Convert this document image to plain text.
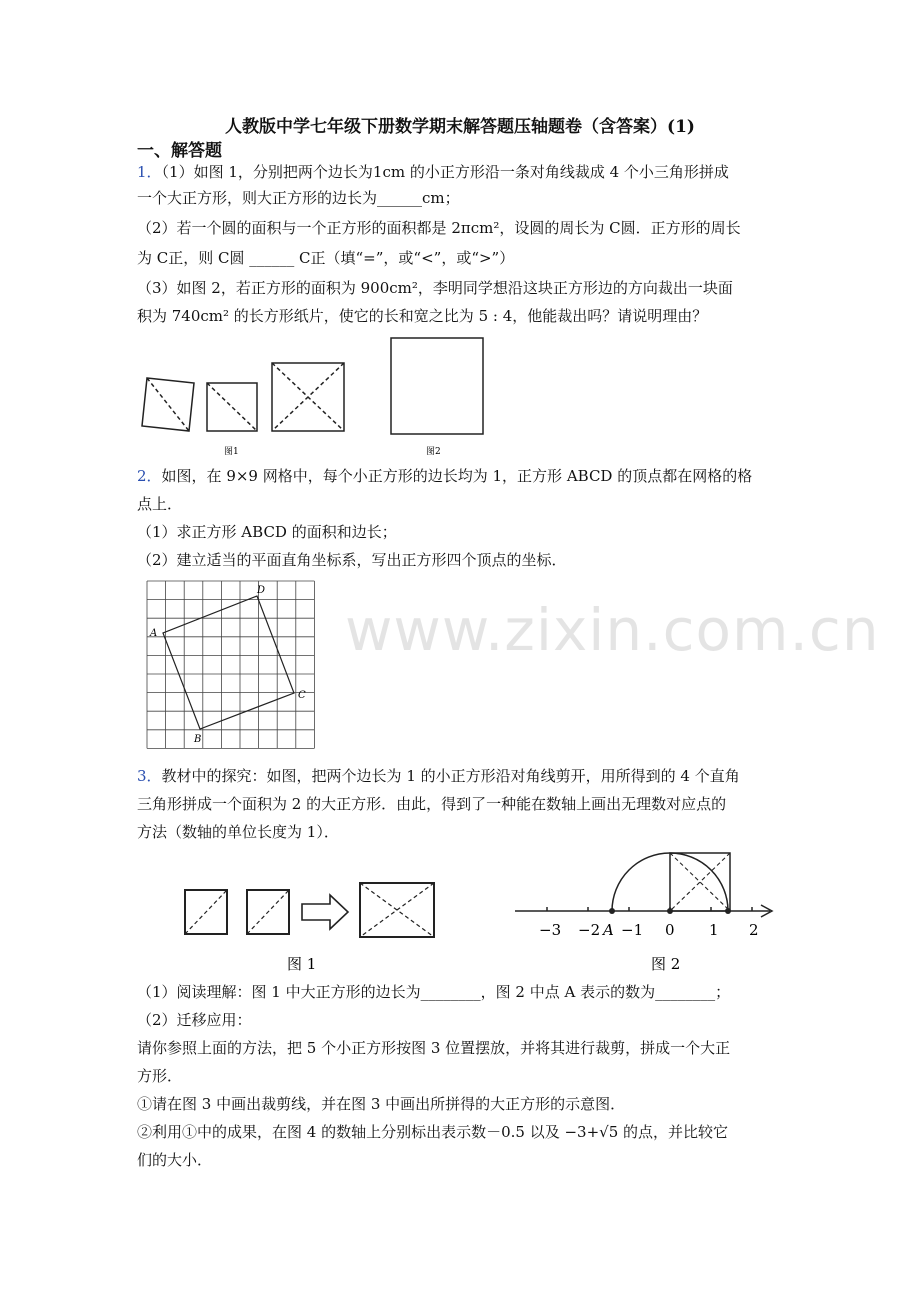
人教版中学七年级下册数学期末解答题压轴题卷（含答案）(1)
一、解答题
1．（1）如图 1，分别把两个边长为1cm 的小正方形沿一条对角线裁成 4 个小三角形拼成
一个大正方形，则大正方形的边长为______cm；
（2）若一个圆的面积与一个正方形的面积都是 2πcm²，设圆的周长为 C圆．正方形的周长
为 C正，则 C圆 ______ C正（填“=”，或“<”，或“>”）
（3）如图 2，若正方形的面积为 900cm²，李明同学想沿这块正方形边的方向裁出一块面
积为 740cm² 的长方形纸片，使它的长和宽之比为 5 : 4，他能裁出吗？请说明理由？
图1	图2
2．如图，在 9×9 网格中，每个小正方形的边长均为 1，正方形 ABCD 的顶点都在网格的格
点上．
（1）求正方形 ABCD 的面积和边长；
（2）建立适当的平面直角坐标系，写出正方形四个顶点的坐标．
A
B
C
D
www.zixin.com.cn
3．教材中的探究：如图，把两个边长为 1 的小正方形沿对角线剪开，用所得到的 4 个直角
三角形拼成一个面积为 2 的大正方形．由此，得到了一种能在数轴上画出无理数对应点的
方法（数轴的单位长度为 1）．
图 1
−3 −2 A −1 0 1 2
图 2
（1）阅读理解：图 1 中大正方形的边长为________，图 2 中点 A 表示的数为________；
（2）迁移应用：
请你参照上面的方法，把 5 个小正方形按图 3 位置摆放，并将其进行裁剪，拼成一个大正
方形．
①请在图 3 中画出裁剪线，并在图 3 中画出所拼得的大正方形的示意图．
②利用①中的成果，在图 4 的数轴上分别标出表示数－0.5 以及 −3+√5 的点，并比较它
们的大小．
